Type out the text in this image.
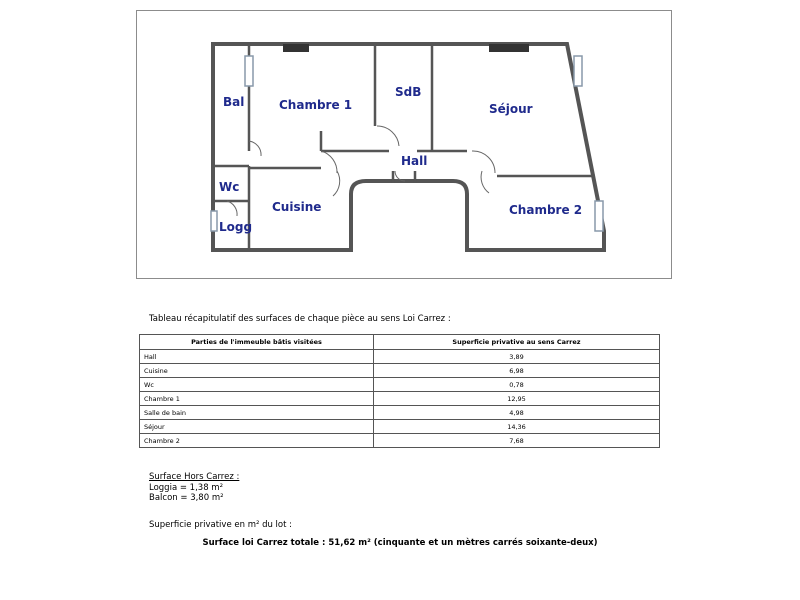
Bal	Chambre 1
SdB
Séjour
Hall
Wc
Cuisine
Logg
Chambre 2
Tableau récapitulatif des surfaces de chaque pièce au sens Loi Carrez :
Parties de l'immeuble bâtis visitées	Superficie privative au sens Carrez
Hall	3,89
Cuisine	6,98
Wc	0,78
Chambre 1	12,95
Salle de bain	4,98
Séjour	14,36
Chambre 2	7,68
Surface Hors Carrez :
Loggia = 1,38 m²
Balcon = 3,80 m²
Superficie privative en m² du lot :
Surface loi Carrez totale : 51,62 m² (cinquante et un mètres carrés soixante-deux)
